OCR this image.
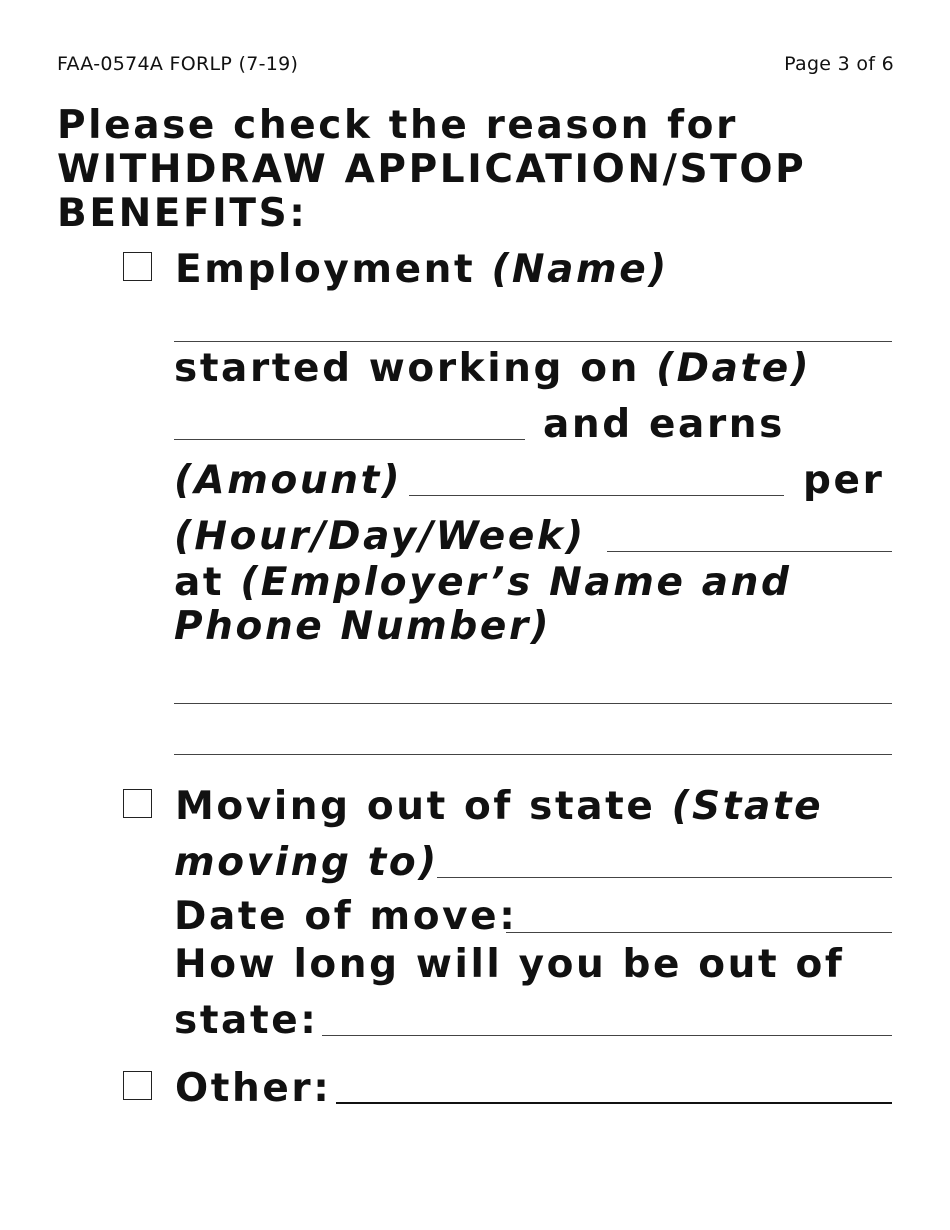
FAA-0574A FORLP (7-19)	Page 3 of 6
Please check the reason for WITHDRAW APPLICATION/STOP BENEFITS:
Employment (Name)
started working on (Date)
and earns
(Amount)	per
(Hour/Day/Week)
at (Employer’s Name and
Phone Number)
Moving out of state (State
moving to)
Date of move:
How long will you be out of
state:
Other:
